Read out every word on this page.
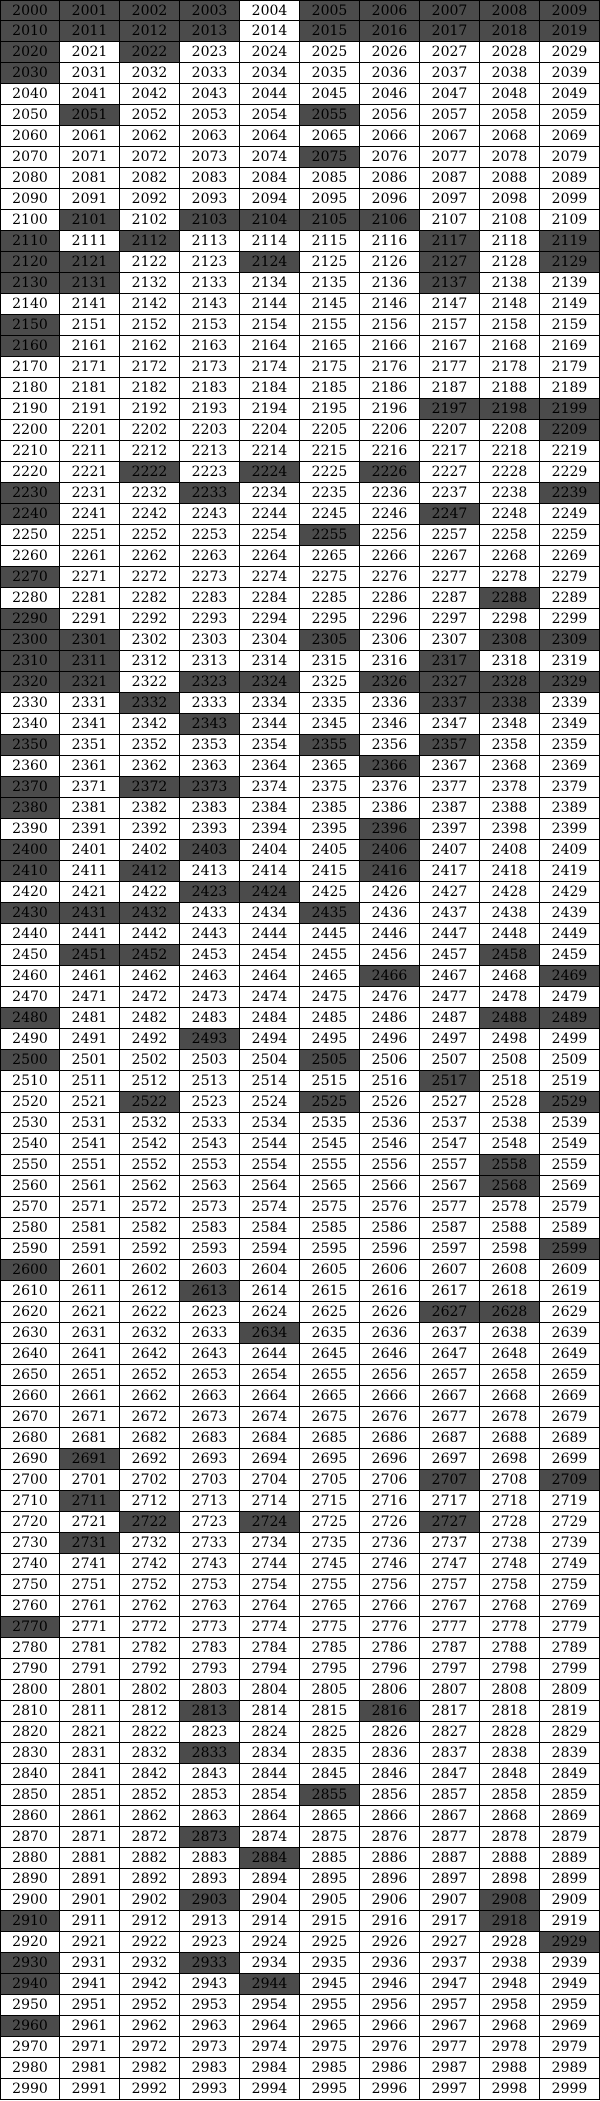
2000	2001	2002	2003	2004	2005	2006	2007	2008	2009
2010	2011	2012	2013	2014	2015	2016	2017	2018	2019
2020	2021	2022	2023	2024	2025	2026	2027	2028	2029
2030	2031	2032	2033	2034	2035	2036	2037	2038	2039
2040	2041	2042	2043	2044	2045	2046	2047	2048	2049
2050	2051	2052	2053	2054	2055	2056	2057	2058	2059
2060	2061	2062	2063	2064	2065	2066	2067	2068	2069
2070	2071	2072	2073	2074	2075	2076	2077	2078	2079
2080	2081	2082	2083	2084	2085	2086	2087	2088	2089
2090	2091	2092	2093	2094	2095	2096	2097	2098	2099
2100	2101	2102	2103	2104	2105	2106	2107	2108	2109
2110	2111	2112	2113	2114	2115	2116	2117	2118	2119
2120	2121	2122	2123	2124	2125	2126	2127	2128	2129
2130	2131	2132	2133	2134	2135	2136	2137	2138	2139
2140	2141	2142	2143	2144	2145	2146	2147	2148	2149
2150	2151	2152	2153	2154	2155	2156	2157	2158	2159
2160	2161	2162	2163	2164	2165	2166	2167	2168	2169
2170	2171	2172	2173	2174	2175	2176	2177	2178	2179
2180	2181	2182	2183	2184	2185	2186	2187	2188	2189
2190	2191	2192	2193	2194	2195	2196	2197	2198	2199
2200	2201	2202	2203	2204	2205	2206	2207	2208	2209
2210	2211	2212	2213	2214	2215	2216	2217	2218	2219
2220	2221	2222	2223	2224	2225	2226	2227	2228	2229
2230	2231	2232	2233	2234	2235	2236	2237	2238	2239
2240	2241	2242	2243	2244	2245	2246	2247	2248	2249
2250	2251	2252	2253	2254	2255	2256	2257	2258	2259
2260	2261	2262	2263	2264	2265	2266	2267	2268	2269
2270	2271	2272	2273	2274	2275	2276	2277	2278	2279
2280	2281	2282	2283	2284	2285	2286	2287	2288	2289
2290	2291	2292	2293	2294	2295	2296	2297	2298	2299
2300	2301	2302	2303	2304	2305	2306	2307	2308	2309
2310	2311	2312	2313	2314	2315	2316	2317	2318	2319
2320	2321	2322	2323	2324	2325	2326	2327	2328	2329
2330	2331	2332	2333	2334	2335	2336	2337	2338	2339
2340	2341	2342	2343	2344	2345	2346	2347	2348	2349
2350	2351	2352	2353	2354	2355	2356	2357	2358	2359
2360	2361	2362	2363	2364	2365	2366	2367	2368	2369
2370	2371	2372	2373	2374	2375	2376	2377	2378	2379
2380	2381	2382	2383	2384	2385	2386	2387	2388	2389
2390	2391	2392	2393	2394	2395	2396	2397	2398	2399
2400	2401	2402	2403	2404	2405	2406	2407	2408	2409
2410	2411	2412	2413	2414	2415	2416	2417	2418	2419
2420	2421	2422	2423	2424	2425	2426	2427	2428	2429
2430	2431	2432	2433	2434	2435	2436	2437	2438	2439
2440	2441	2442	2443	2444	2445	2446	2447	2448	2449
2450	2451	2452	2453	2454	2455	2456	2457	2458	2459
2460	2461	2462	2463	2464	2465	2466	2467	2468	2469
2470	2471	2472	2473	2474	2475	2476	2477	2478	2479
2480	2481	2482	2483	2484	2485	2486	2487	2488	2489
2490	2491	2492	2493	2494	2495	2496	2497	2498	2499
2500	2501	2502	2503	2504	2505	2506	2507	2508	2509
2510	2511	2512	2513	2514	2515	2516	2517	2518	2519
2520	2521	2522	2523	2524	2525	2526	2527	2528	2529
2530	2531	2532	2533	2534	2535	2536	2537	2538	2539
2540	2541	2542	2543	2544	2545	2546	2547	2548	2549
2550	2551	2552	2553	2554	2555	2556	2557	2558	2559
2560	2561	2562	2563	2564	2565	2566	2567	2568	2569
2570	2571	2572	2573	2574	2575	2576	2577	2578	2579
2580	2581	2582	2583	2584	2585	2586	2587	2588	2589
2590	2591	2592	2593	2594	2595	2596	2597	2598	2599
2600	2601	2602	2603	2604	2605	2606	2607	2608	2609
2610	2611	2612	2613	2614	2615	2616	2617	2618	2619
2620	2621	2622	2623	2624	2625	2626	2627	2628	2629
2630	2631	2632	2633	2634	2635	2636	2637	2638	2639
2640	2641	2642	2643	2644	2645	2646	2647	2648	2649
2650	2651	2652	2653	2654	2655	2656	2657	2658	2659
2660	2661	2662	2663	2664	2665	2666	2667	2668	2669
2670	2671	2672	2673	2674	2675	2676	2677	2678	2679
2680	2681	2682	2683	2684	2685	2686	2687	2688	2689
2690	2691	2692	2693	2694	2695	2696	2697	2698	2699
2700	2701	2702	2703	2704	2705	2706	2707	2708	2709
2710	2711	2712	2713	2714	2715	2716	2717	2718	2719
2720	2721	2722	2723	2724	2725	2726	2727	2728	2729
2730	2731	2732	2733	2734	2735	2736	2737	2738	2739
2740	2741	2742	2743	2744	2745	2746	2747	2748	2749
2750	2751	2752	2753	2754	2755	2756	2757	2758	2759
2760	2761	2762	2763	2764	2765	2766	2767	2768	2769
2770	2771	2772	2773	2774	2775	2776	2777	2778	2779
2780	2781	2782	2783	2784	2785	2786	2787	2788	2789
2790	2791	2792	2793	2794	2795	2796	2797	2798	2799
2800	2801	2802	2803	2804	2805	2806	2807	2808	2809
2810	2811	2812	2813	2814	2815	2816	2817	2818	2819
2820	2821	2822	2823	2824	2825	2826	2827	2828	2829
2830	2831	2832	2833	2834	2835	2836	2837	2838	2839
2840	2841	2842	2843	2844	2845	2846	2847	2848	2849
2850	2851	2852	2853	2854	2855	2856	2857	2858	2859
2860	2861	2862	2863	2864	2865	2866	2867	2868	2869
2870	2871	2872	2873	2874	2875	2876	2877	2878	2879
2880	2881	2882	2883	2884	2885	2886	2887	2888	2889
2890	2891	2892	2893	2894	2895	2896	2897	2898	2899
2900	2901	2902	2903	2904	2905	2906	2907	2908	2909
2910	2911	2912	2913	2914	2915	2916	2917	2918	2919
2920	2921	2922	2923	2924	2925	2926	2927	2928	2929
2930	2931	2932	2933	2934	2935	2936	2937	2938	2939
2940	2941	2942	2943	2944	2945	2946	2947	2948	2949
2950	2951	2952	2953	2954	2955	2956	2957	2958	2959
2960	2961	2962	2963	2964	2965	2966	2967	2968	2969
2970	2971	2972	2973	2974	2975	2976	2977	2978	2979
2980	2981	2982	2983	2984	2985	2986	2987	2988	2989
2990	2991	2992	2993	2994	2995	2996	2997	2998	2999
